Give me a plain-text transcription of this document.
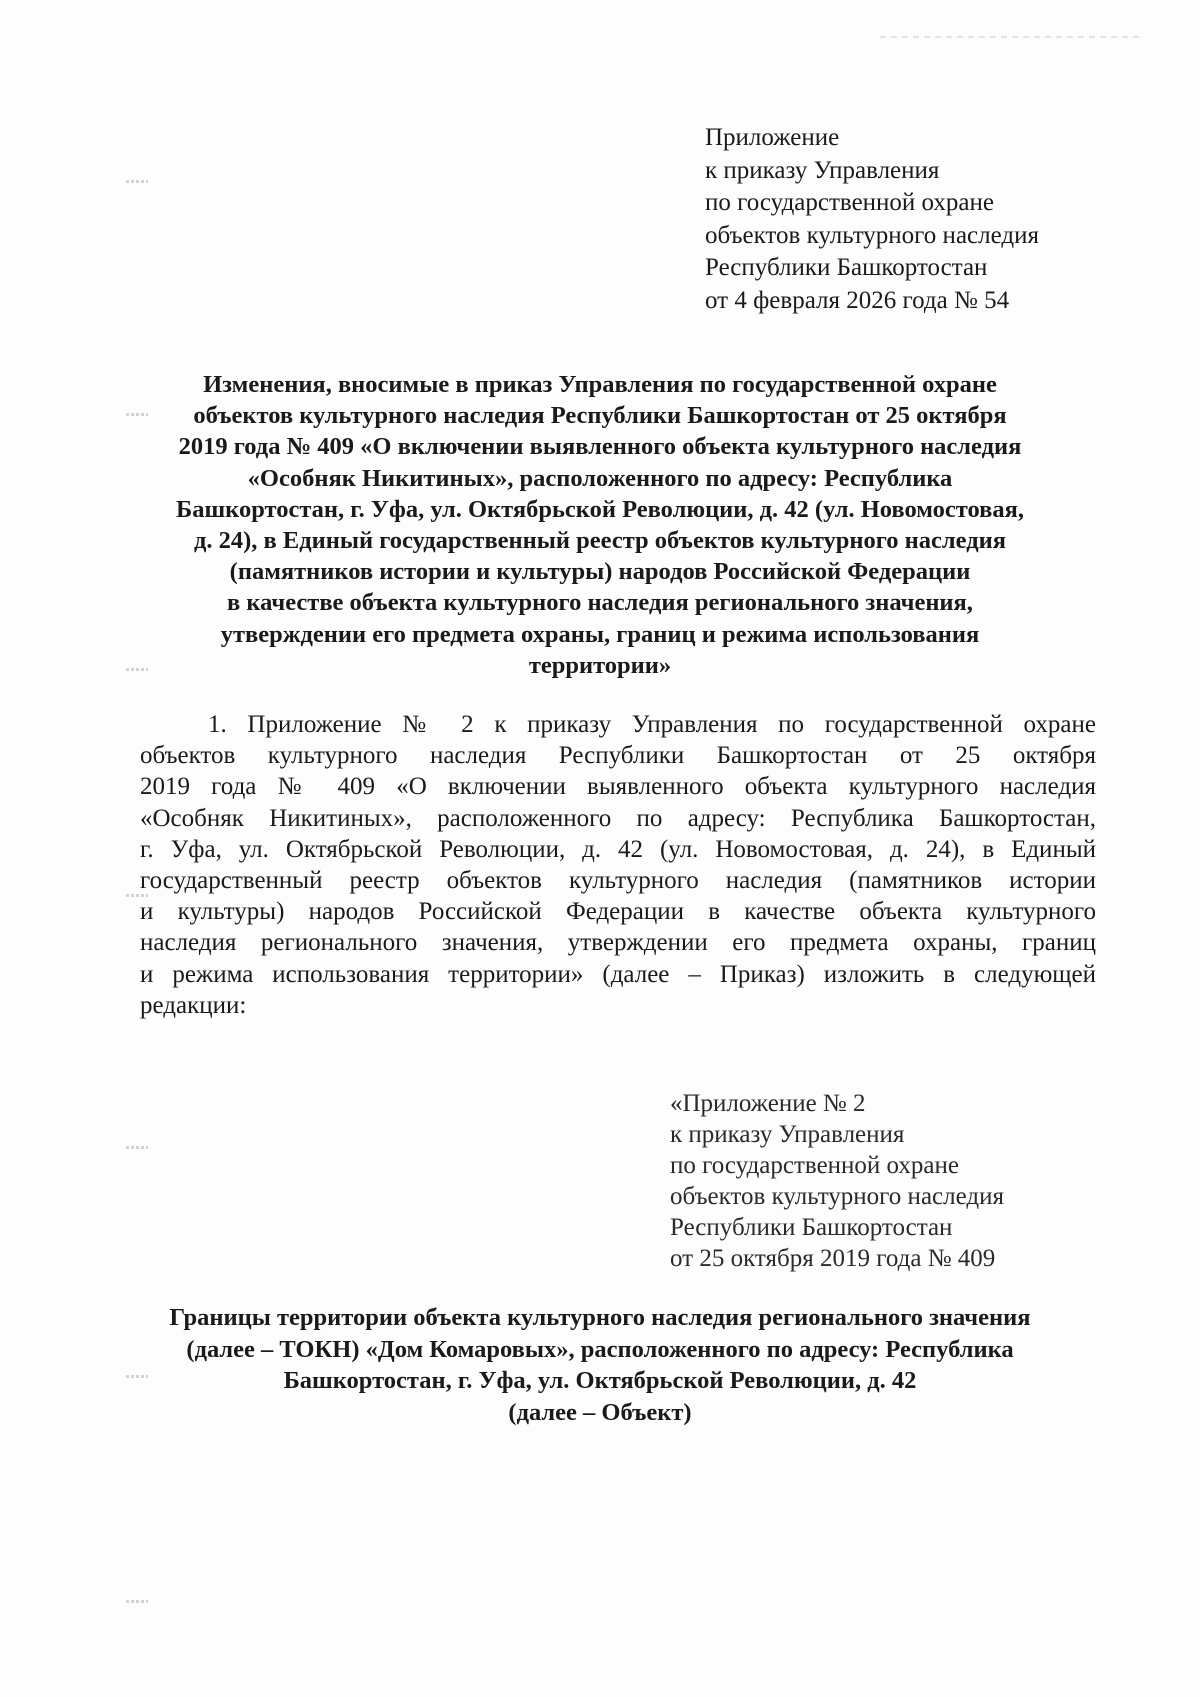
Приложение
к приказу Управления
по государственной охране
объектов культурного наследия
Республики Башкортостан
от 4 февраля 2026 года № 54
Изменения, вносимые в приказ Управления по государственной охране
объектов культурного наследия Республики Башкортостан от 25 октября
2019 года № 409 «О включении выявленного объекта культурного наследия
«Особняк Никитиных», расположенного по адресу: Республика
Башкортостан, г. Уфа, ул. Октябрьской Революции, д. 42 (ул. Новомостовая,
д. 24), в Единый государственный реестр объектов культурного наследия
(памятников истории и культуры) народов Российской Федерации
в качестве объекта культурного наследия регионального значения,
утверждении его предмета охраны, границ и режима использования
территории»
1. Приложение № 2 к приказу Управления по государственной охране
объектов культурного наследия Республики Башкортостан от 25 октября
2019 года № 409 «О включении выявленного объекта культурного наследия
«Особняк Никитиных», расположенного по адресу: Республика Башкортостан,
г. Уфа, ул. Октябрьской Революции, д. 42 (ул. Новомостовая, д. 24), в Единый
государственный реестр объектов культурного наследия (памятников истории
и культуры) народов Российской Федерации в качестве объекта культурного
наследия регионального значения, утверждении его предмета охраны, границ
и режима использования территории» (далее – Приказ) изложить в следующей
редакции:
«Приложение № 2
к приказу Управления
по государственной охране
объектов культурного наследия
Республики Башкортостан
от 25 октября 2019 года № 409
Границы территории объекта культурного наследия регионального значения
(далее – ТОКН) «Дом Комаровых», расположенного по адресу: Республика
Башкортостан, г. Уфа, ул. Октябрьской Революции, д. 42
(далее – Объект)
